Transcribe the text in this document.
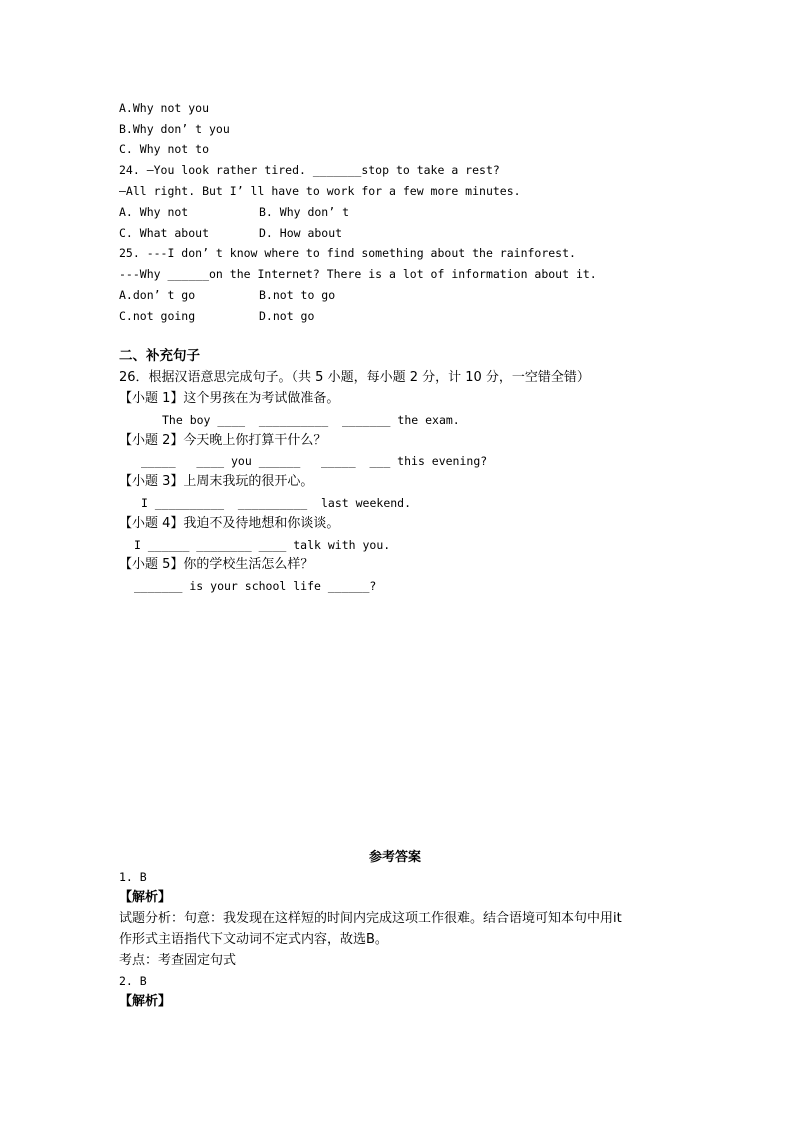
A.Why not you
B.Why don’ t you
C. Why not to
24. —You look rather tired. _______stop to take a rest?
—All right. But I’ ll have to work for a few more minutes.
A. Why not	B. Why don’ t
C. What about	D. How about
25. ---I don’ t know where to find something about the rainforest.
---Why ______on the Internet? There is a lot of information about it.
A.don’ t go	B.not to go
C.not going	D.not go
二、补充句子
26．根据汉语意思完成句子。（共 5 小题，每小题 2 分，计 10 分，一空错全错）
【小题 1】这个男孩在为考试做准备。
The boy ____  __________  _______ the exam.
【小题 2】今天晚上你打算干什么？
_____   ____ you ______   _____  ___ this evening?
【小题 3】上周末我玩的很开心。
I __________  __________  last weekend.
【小题 4】我迫不及待地想和你谈谈。
I ______ ________ ____ talk with you.
【小题 5】你的学校生活怎么样？
_______ is your school life ______?
参考答案
1. B
【解析】
试题分析：句意：我发现在这样短的时间内完成这项工作很难。结合语境可知本句中用it
作形式主语指代下文动词不定式内容，故选B。
考点：考查固定句式
2. B
【解析】
